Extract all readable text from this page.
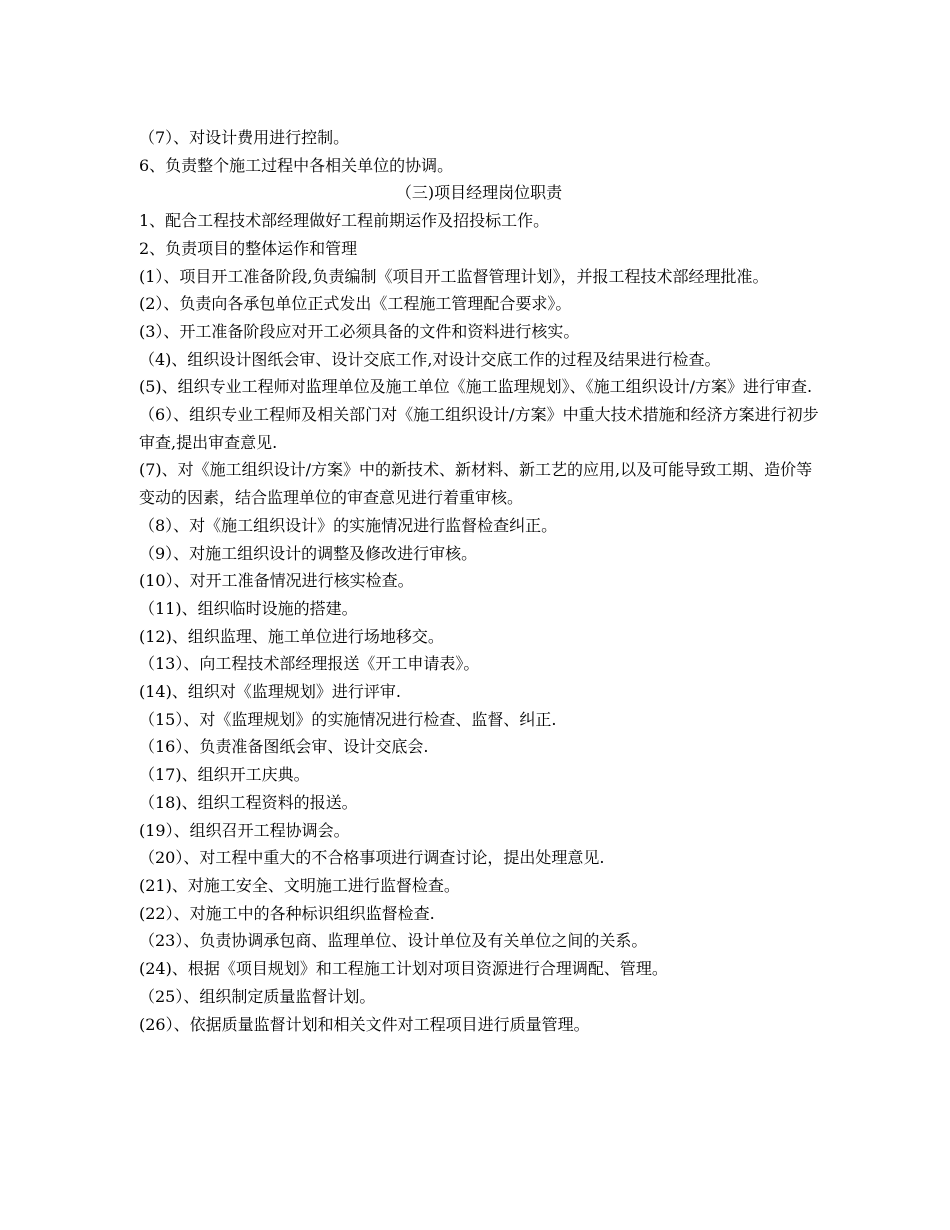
（7）、对设计费用进行控制。

6、负责整个施工过程中各相关单位的协调。

（三)项目经理岗位职责

1、配合工程技术部经理做好工程前期运作及招投标工作。

2、负责项目的整体运作和管理

(1）、项目开工准备阶段,负责编制《项目开工监督管理计划》，并报工程技术部经理批准。

(2）、负责向各承包单位正式发出《工程施工管理配合要求》。

(3）、开工准备阶段应对开工必须具备的文件和资料进行核实。

（4)、组织设计图纸会审、设计交底工作,对设计交底工作的过程及结果进行检查。

(5)、组织专业工程师对监理单位及施工单位《施工监理规划》、《施工组织设计/方案》进行审查.

（6）、组织专业工程师及相关部门对《施工组织设计/方案》中重大技术措施和经济方案进行初步审查,提出审查意见.

(7)、对《施工组织设计/方案》中的新技术、新材料、新工艺的应用,以及可能导致工期、造价等变动的因素，结合监理单位的审查意见进行着重审核。

（8）、对《施工组织设计》的实施情况进行监督检查纠正。

（9）、对施工组织设计的调整及修改进行审核。

(10）、对开工准备情况进行核实检查。

（11)、组织临时设施的搭建。

(12)、组织监理、施工单位进行场地移交。

（13）、向工程技术部经理报送《开工申请表》。

(14)、组织对《监理规划》进行评审.

（15）、对《监理规划》的实施情况进行检查、监督、纠正.

（16）、负责准备图纸会审、设计交底会.

（17)、组织开工庆典。

（18)、组织工程资料的报送。

(19）、组织召开工程协调会。

（20）、对工程中重大的不合格事项进行调查讨论，提出处理意见.

(21)、对施工安全、文明施工进行监督检查。

(22）、对施工中的各种标识组织监督检查.

（23）、负责协调承包商、监理单位、设计单位及有关单位之间的关系。

(24)、根据《项目规划》和工程施工计划对项目资源进行合理调配、管理。

（25）、组织制定质量监督计划。

(26）、依据质量监督计划和相关文件对工程项目进行质量管理。
